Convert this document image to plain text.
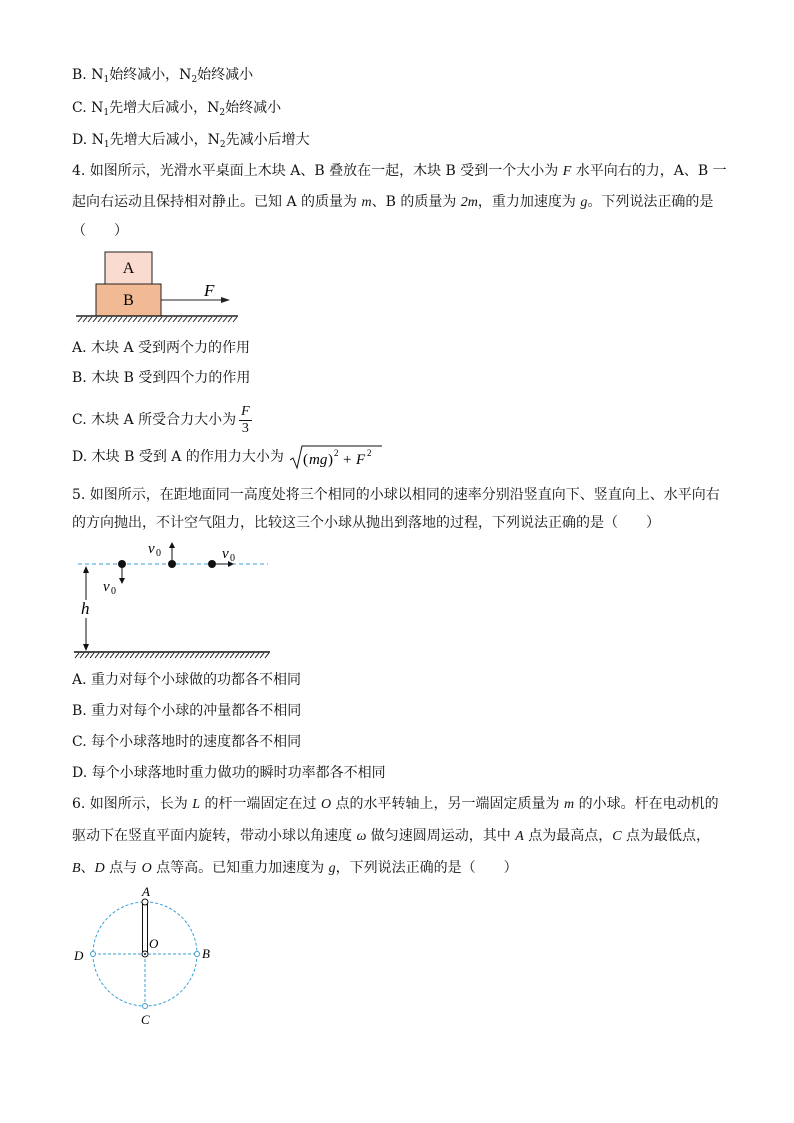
B. $N_1$始终减小，$N_2$始终减小
C. $N_1$先增大后减小，$N_2$始终减小
D. $N_1$先增大后减小，$N_2$先减小后增大
4. 如图所示，光滑水平桌面上木块 A、B 叠放在一起，木块 B 受到一个大小为 F 水平向右的力，A、B 一
起向右运动且保持相对静止。已知 A 的质量为 m、B 的质量为 2m，重力加速度为 g。下列说法正确的是
（　　）
A
B
F
A. 木块 A 受到两个力的作用
B. 木块 B 受到四个力的作用
C. 木块 A 所受合力大小为 $\frac{F}{3}$
D. 木块 B 受到 A 的作用力大小为 ( mg ) 2 + F 2
5. 如图所示，在距地面同一高度处将三个相同的小球以相同的速率分别沿竖直向下、竖直向上、水平向右
的方向抛出，不计空气阻力，比较这三个小球从抛出到落地的过程，下列说法正确的是（　　）
v 0
v 0	v 0
h
A. 重力对每个小球做的功都各不相同
B. 重力对每个小球的冲量都各不相同
C. 每个小球落地时的速度都各不相同
D. 每个小球落地时重力做功的瞬时功率都各不相同
6. 如图所示，长为 L 的杆一端固定在过 O 点的水平转轴上，另一端固定质量为 m 的小球。杆在电动机的
驱动下在竖直平面内旋转，带动小球以角速度 ω 做匀速圆周运动，其中 A 点为最高点，C 点为最低点，
B、D 点与 O 点等高。已知重力加速度为 g，下列说法正确的是（　　）
A
O
B
D
C
